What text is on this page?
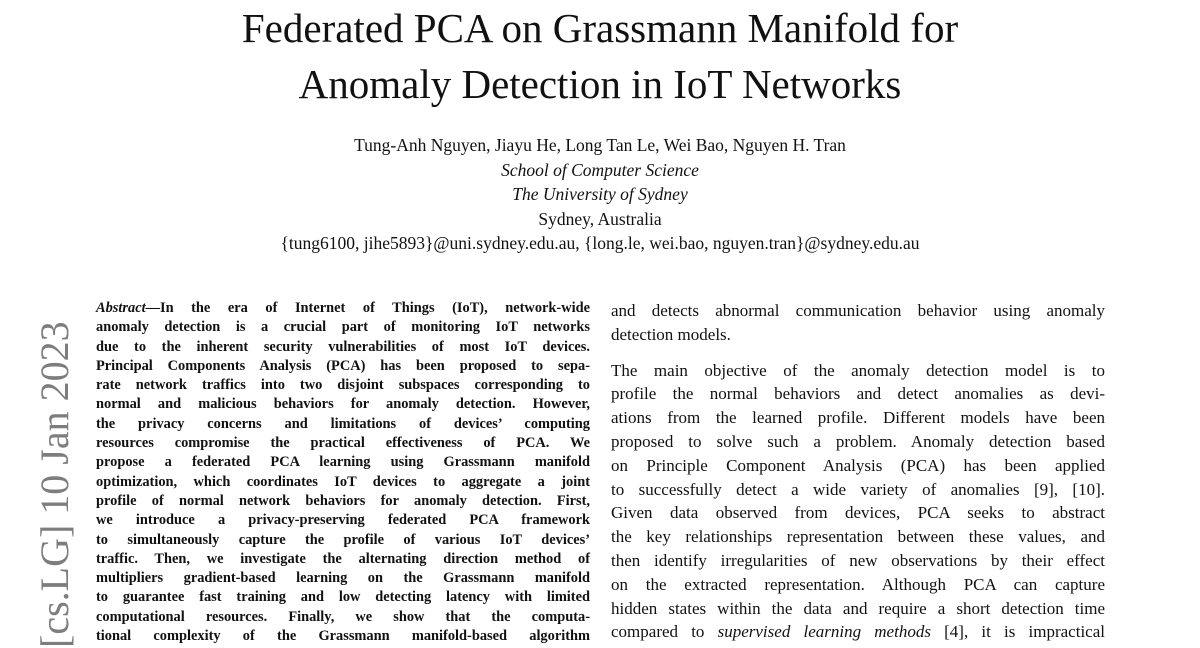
Federated PCA on Grassmann Manifold for
Anomaly Detection in IoT Networks
Tung-Anh Nguyen, Jiayu He, Long Tan Le, Wei Bao, Nguyen H. Tran
School of Computer Science
The University of Sydney
Sydney, Australia
{tung6100, jihe5893}@uni.sydney.edu.au, {long.le, wei.bao, nguyen.tran}@sydney.edu.au
[cs.LG] 10 Jan 2023
Abstract—In the era of Internet of Things (IoT), network-wide
anomaly detection is a crucial part of monitoring IoT networks
due to the inherent security vulnerabilities of most IoT devices.
Principal Components Analysis (PCA) has been proposed to sepa-
rate network traffics into two disjoint subspaces corresponding to
normal and malicious behaviors for anomaly detection. However,
the privacy concerns and limitations of devices’ computing
resources compromise the practical effectiveness of PCA. We
propose a federated PCA learning using Grassmann manifold
optimization, which coordinates IoT devices to aggregate a joint
profile of normal network behaviors for anomaly detection. First,
we introduce a privacy-preserving federated PCA framework
to simultaneously capture the profile of various IoT devices’
traffic. Then, we investigate the alternating direction method of
multipliers gradient-based learning on the Grassmann manifold
to guarantee fast training and low detecting latency with limited
computational resources. Finally, we show that the computa-
tional complexity of the Grassmann manifold-based algorithm
and detects abnormal communication behavior using anomaly
detection models.
The main objective of the anomaly detection model is to
profile the normal behaviors and detect anomalies as devi-
ations from the learned profile. Different models have been
proposed to solve such a problem. Anomaly detection based
on Principle Component Analysis (PCA) has been applied
to successfully detect a wide variety of anomalies [9], [10].
Given data observed from devices, PCA seeks to abstract
the key relationships representation between these values, and
then identify irregularities of new observations by their effect
on the extracted representation. Although PCA can capture
hidden states within the data and require a short detection time
compared to supervised learning methods [4], it is impractical
